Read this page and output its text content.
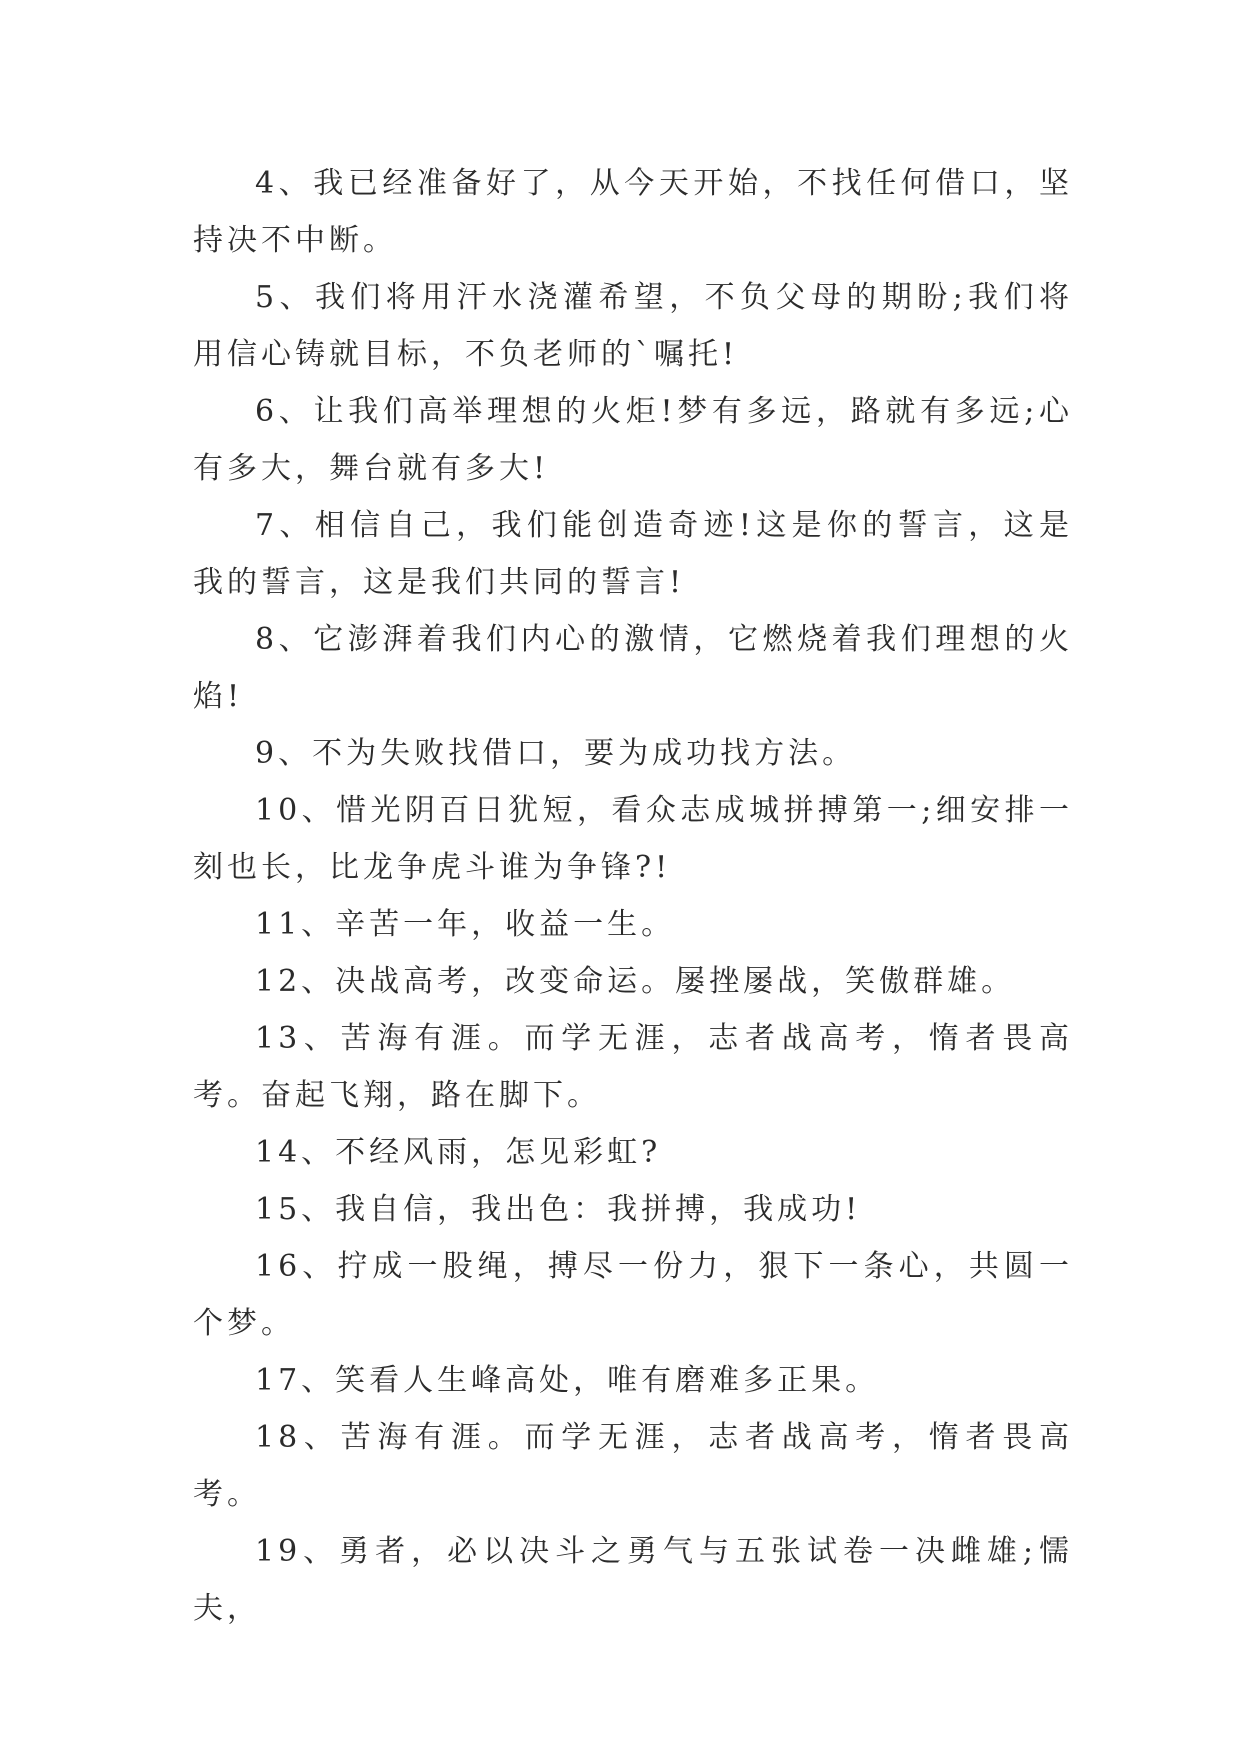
4、我已经准备好了，从今天开始，不找任何借口，坚持决不中断。

5、我们将用汗水浇灌希望，不负父母的期盼;我们将用信心铸就目标，不负老师的`嘱托!

6、让我们高举理想的火炬!梦有多远，路就有多远;心有多大，舞台就有多大!

7、相信自己，我们能创造奇迹!这是你的誓言，这是我的誓言，这是我们共同的誓言!

8、它澎湃着我们内心的激情，它燃烧着我们理想的火焰!

9、不为失败找借口，要为成功找方法。

10、惜光阴百日犹短，看众志成城拼搏第一;细安排一刻也长，比龙争虎斗谁为争锋?!

11、辛苦一年，收益一生。

12、决战高考，改变命运。屡挫屡战，笑傲群雄。

13、苦海有涯。而学无涯，志者战高考，惰者畏高考。奋起飞翔，路在脚下。

14、不经风雨，怎见彩虹?

15、我自信，我出色：我拼搏，我成功!

16、拧成一股绳，搏尽一份力，狠下一条心，共圆一个梦。

17、笑看人生峰高处，唯有磨难多正果。

18、苦海有涯。而学无涯，志者战高考，惰者畏高考。

19、勇者，必以决斗之勇气与五张试卷一决雌雄;懦夫，
